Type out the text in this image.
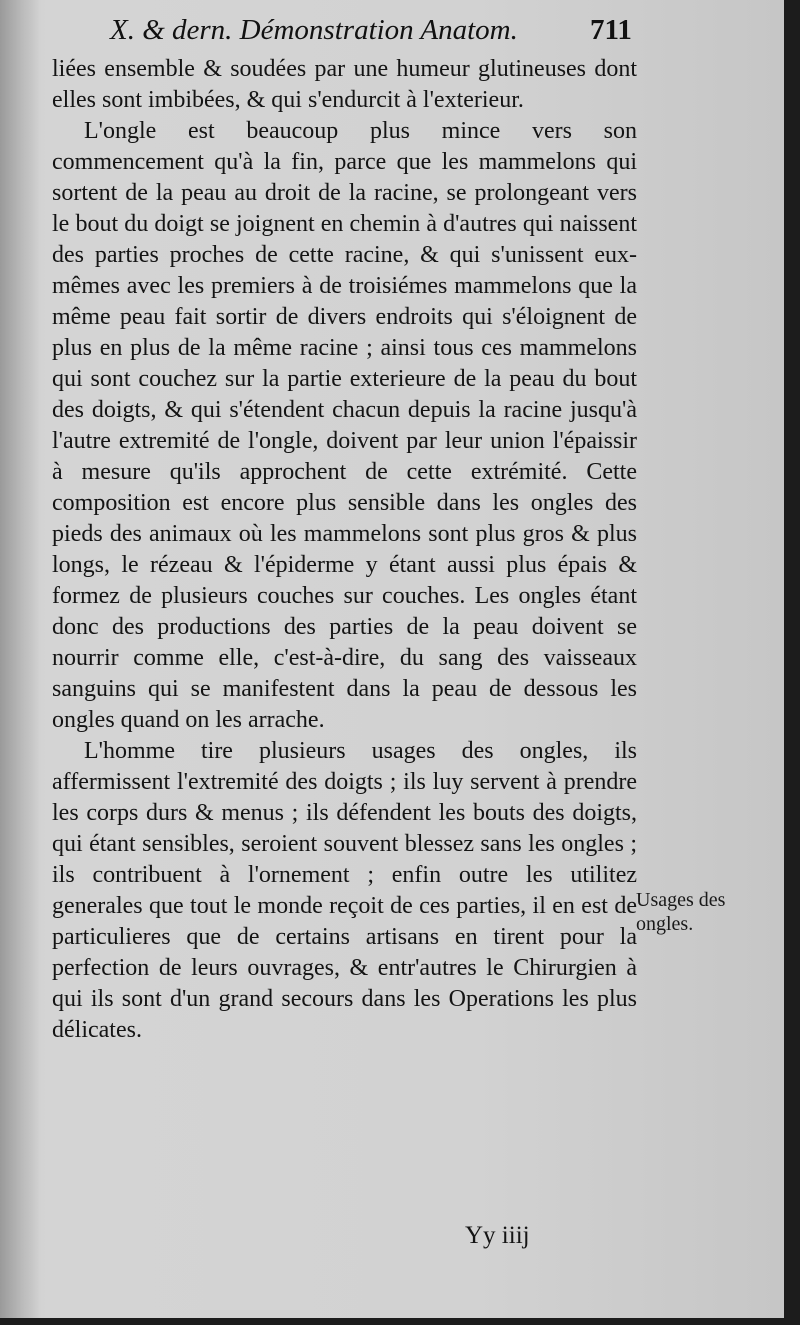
X. & dern. Démonstration Anatom. 711

liées ensemble & soudées par une humeur glutineuses dont elles sont imbibées, & qui s'endurcit à l'exterieur.

L'ongle est beaucoup plus mince vers son commencement qu'à la fin, parce que les mammelons qui sortent de la peau au droit de la racine, se prolongeant vers le bout du doigt se joignent en chemin à d'autres qui naissent des parties proches de cette racine, & qui s'unissent eux-mêmes avec les premiers à de troisiémes mammelons que la même peau fait sortir de divers endroits qui s'éloignent de plus en plus de la même racine ; ainsi tous ces mammelons qui sont couchez sur la partie exterieure de la peau du bout des doigts, & qui s'étendent chacun depuis la racine jusqu'à l'autre extremité de l'ongle, doivent par leur union l'épaissir à mesure qu'ils approchent de cette extrémité. Cette composition est encore plus sensible dans les ongles des pieds des animaux où les mammelons sont plus gros & plus longs, le rézeau & l'épiderme y étant aussi plus épais & formez de plusieurs couches sur couches. Les ongles étant donc des productions des parties de la peau doivent se nourrir comme elle, c'est-à-dire, du sang des vaisseaux sanguins qui se manifestent dans la peau de dessous les ongles quand on les arrache.

L'homme tire plusieurs usages des ongles, ils affermissent l'extremité des doigts ; ils luy servent à prendre les corps durs & menus ; ils défendent les bouts des doigts, qui étant sensibles, seroient souvent blessez sans les ongles ; ils contribuent à l'ornement ; enfin outre les utilitez generales que tout le monde reçoit de ces parties, il en est de particulieres que de certains artisans en tirent pour la perfection de leurs ouvrages, & entr'autres le Chirurgien à qui ils sont d'un grand secours dans les Operations les plus délicates.

Usages des ongles.
Yy iiij
